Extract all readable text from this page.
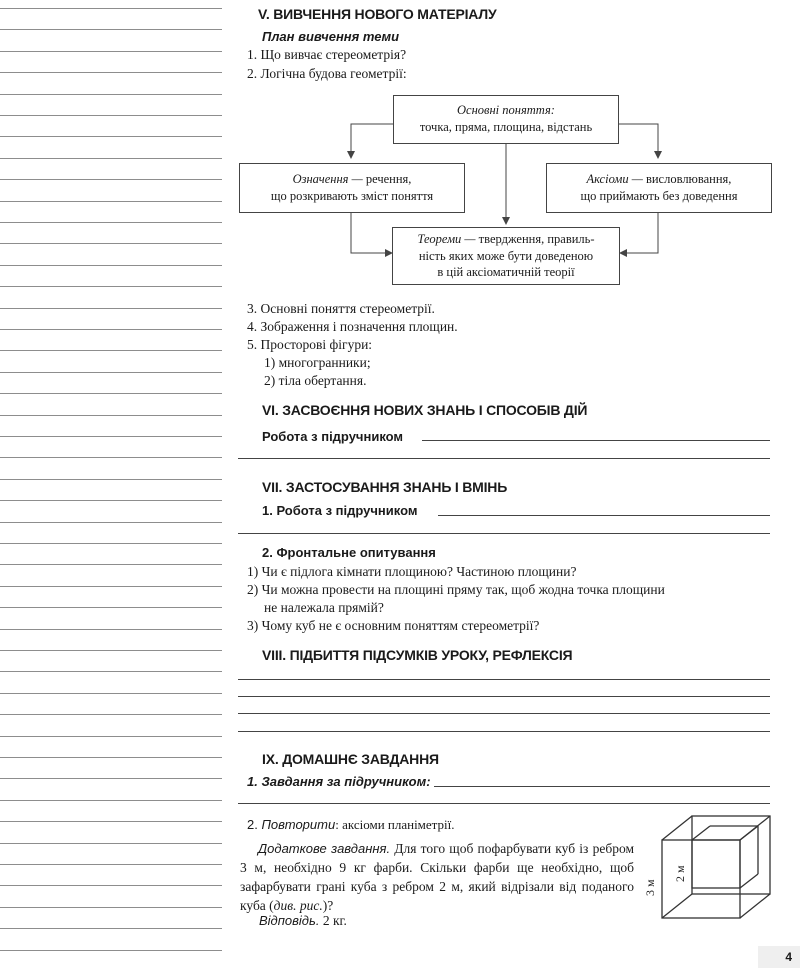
V. ВИВЧЕННЯ НОВОГО МАТЕРІАЛУ
План вивчення теми
1. Що вивчає стереометрія?
2. Логічна будова геометрії:
Основні поняття:
точка, пряма, площина, відстань
Означення — речення,
що розкривають зміст поняття
Аксіоми — висловлювання,
що приймають без доведення
Теореми — твердження, правиль-
ність яких може бути доведеною
в цій аксіоматичній теорії
3. Основні поняття стереометрії.
4. Зображення і позначення площин.
5. Просторові фігури:
1) многогранники;
2) тіла обертання.
VI. ЗАСВОЄННЯ НОВИХ ЗНАНЬ І СПОСОБІВ ДІЙ
Робота з підручником
VII. ЗАСТОСУВАННЯ ЗНАНЬ І ВМІНЬ
1. Робота з підручником
2. Фронтальне опитування
1) Чи є підлога кімнати площиною? Частиною площини?
2) Чи можна провести на площині пряму так, щоб жодна точка площини
не належала прямій?
3) Чому куб не є основним поняттям стереометрії?
VIII. ПІДБИТТЯ ПІДСУМКІВ УРОКУ, РЕФЛЕКСІЯ
IX. ДОМАШНЄ ЗАВДАННЯ
1. Завдання за підручником:
2. Повторити: аксіоми планіметрії.
Додаткове завдання. Для того щоб пофарбувати куб із ребром 3 м, необхідно 9 кг фарби. Скільки фарби ще необхідно, щоб зафарбувати грані куба з ребром 2 м, який відрізали від поданого куба (див. рис.)?
Відповідь. 2 кг.
3 м
2 м
4
